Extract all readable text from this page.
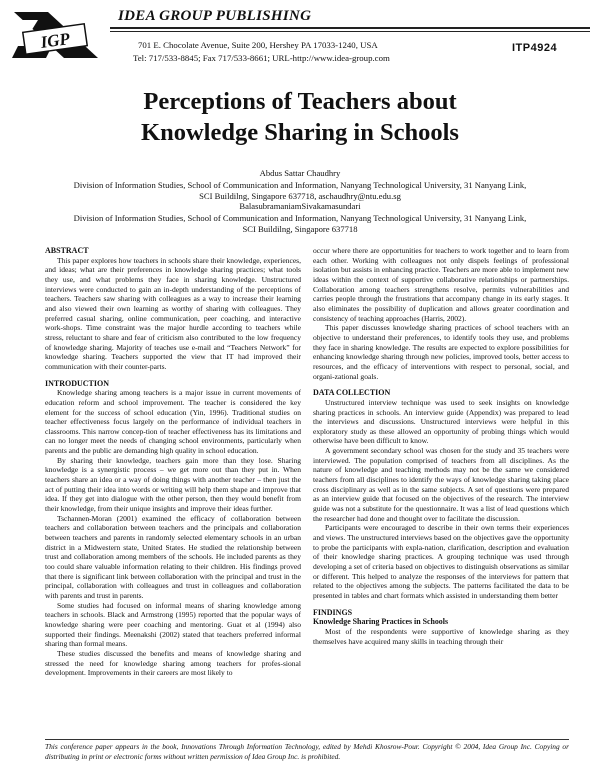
IGP
IDEA GROUP PUBLISHING
701 E. Chocolate Avenue, Suite 200, Hershey PA 17033-1240, USA
Tel: 717/533-8845; Fax 717/533-8661; URL-http://www.idea-group.com
ITP4924
Perceptions of Teachers about
Knowledge Sharing in Schools
Abdus Sattar Chaudhry
Division of Information Studies, School of Communication and Information, Nanyang Technological University, 31 Nanyang Link,
SCI Buildilng, Singapore 637718, aschaudhry@ntu.edu.sg
BalasubramaniamSivakamasundari
Division of Information Studies, School of Communication and Information, Nanyang Technological University, 31 Nanyang Link,
SCI Buildilng, Singapore 637718
ABSTRACT

This paper explores how teachers in schools share their knowledge, experiences, and ideas; what are their preferences in knowledge sharing practices; what tools they use, and what problems they face in sharing knowledge. Unstructured interviews were conducted to gain an in-depth understanding of the perceptions of teachers. Teachers saw sharing with colleagues as a way to increase their learning and also viewed their own learning as worthy of sharing with colleagues. They preferred casual sharing, online communication, peer coaching, and interactive work-shops. Time constraint was the major hurdle according to teachers while stress, reluctant to share and fear of criticism also contributed to the low frequency of knowledge sharing. Majority of teaches use e-mail and “Teachers Network” for knowledge sharing. Teachers supported the view that IT had improved their communication with their counter-parts.

INTRODUCTION

Knowledge sharing among teachers is a major issue in current movements of education reform and school improvement. The teacher is considered the key element for the success of school education (Yin, 1996). Traditional studies on teacher effectiveness focus largely on the performance of individual teachers in classrooms. This narrow concep-tion of teacher effectiveness has its limitations and can no longer meet the needs of changing school environments, particularly when parents and the public are demanding high quality in school education.

By sharing their knowledge, teachers gain more than they lose. Sharing knowledge is a synergistic process – we get more out than they put in. When teachers share an idea or a way of doing things with another teacher – then just the act of putting their idea into words or writing will help them shape and improve that idea. If they get into dialogue with the other person, then they would benefit from their knowledge, from their unique insights and improve their ideas further.

Tschannen-Moran (2001) examined the efficacy of collaboration between teachers and collaboration between teachers and the principals and collaboration between teachers and parents in randomly selected elementary schools in an urban district in a Midwestern state, United States. He studied the relationship between trust and collaboration among members of the schools. He included parents as they too could share valuable information relating to their children. His findings proved that there is significant link between collaboration with the principal and trust in the principal, collaboration with colleagues and trust in colleagues and collaboration with parents and trust in parents.

Some studies had focused on informal means of sharing knowledge among teachers in schools. Black and Armstrong (1995) reported that the popular ways of knowledge sharing were peer coaching and mentoring. Guat et al (1994) also supported their findings. Meenakshi (2002) stated that teachers preferred informal sharing than formal means.

These studies discussed the benefits and means of knowledge sharing and stressed the need for knowledge sharing among teachers for profes-sional development. Improvements in their careers are most likely to

occur where there are opportunities for teachers to work together and to learn from each other. Working with colleagues not only dispels feelings of professional isolation but assists in enhancing practice. Teachers are more able to implement new ideas within the context of supportive collaborative relationships or partnerships. Collaboration among teachers strengthens resolve, permits vulnerabilities and carries people through the frustrations that accompany change in its early stages. It also eliminates the possibility of duplication and allows greater coordination and consistency of teaching approaches (Harris, 2002).

This paper discusses knowledge sharing practices of school teachers with an objective to understand their preferences, to identify tools they use, and problems they face in sharing knowledge. The results are expected to explore possibilities for enhancing knowledge sharing through new policies, improved tools, better access to resources, and the efficacy of interventions with respect to personal, social, and organi-zational goals.

DATA COLLECTION

Unstructured interview technique was used to seek insights on knowledge sharing practices in schools. An interview guide (Appendix) was prepared to lead the interviews and discussions. Unstructured interviews were helpful in this exploratory study as these allowed an opportunity of probing things which would otherwise have been difficult to know.

A government secondary school was chosen for the study and 35 teachers were interviewed. The population comprised of teachers from all disciplines. As the nature of knowledge and teaching methods may not be the same we considered teachers from all disciplines to identify the ways of knowledge sharing taking place cross disciplinary as well as in the same subjects. A set of questions were prepared as an interview guide that focused on the objectives of the research. The interview guide was not a substitute for the questionnaire. It was a list of lead questions which the researcher had done and thought over to facilitate the discussion.

Participants were encouraged to describe in their own terms their experiences and views. The unstructured interviews based on the objectives gave the opportunity to probe the participants with expla-nation, clarification, description and evaluation of their knowledge sharing practices. A grouping technique was used through developing a set of criteria based on objectives to distinguish observations as similar or different. This helped to analyze the responses of the interviews for pattern that related to the objectives among the subjects. The patterns facilitated the data to be presented in tables and chart formats which assisted in understanding them better

FINDINGS
Knowledge Sharing Practices in Schools

Most of the respondents were supportive of knowledge sharing as they themselves have acquired many skills in teaching through their

This conference paper appears in the book, Innovations Through Information Technology, edited by Mehdi Khosrow-Pour. Copyright © 2004, Idea Group Inc. Copying or distributing in print or electronic forms without written permission of Idea Group Inc. is prohibited.
